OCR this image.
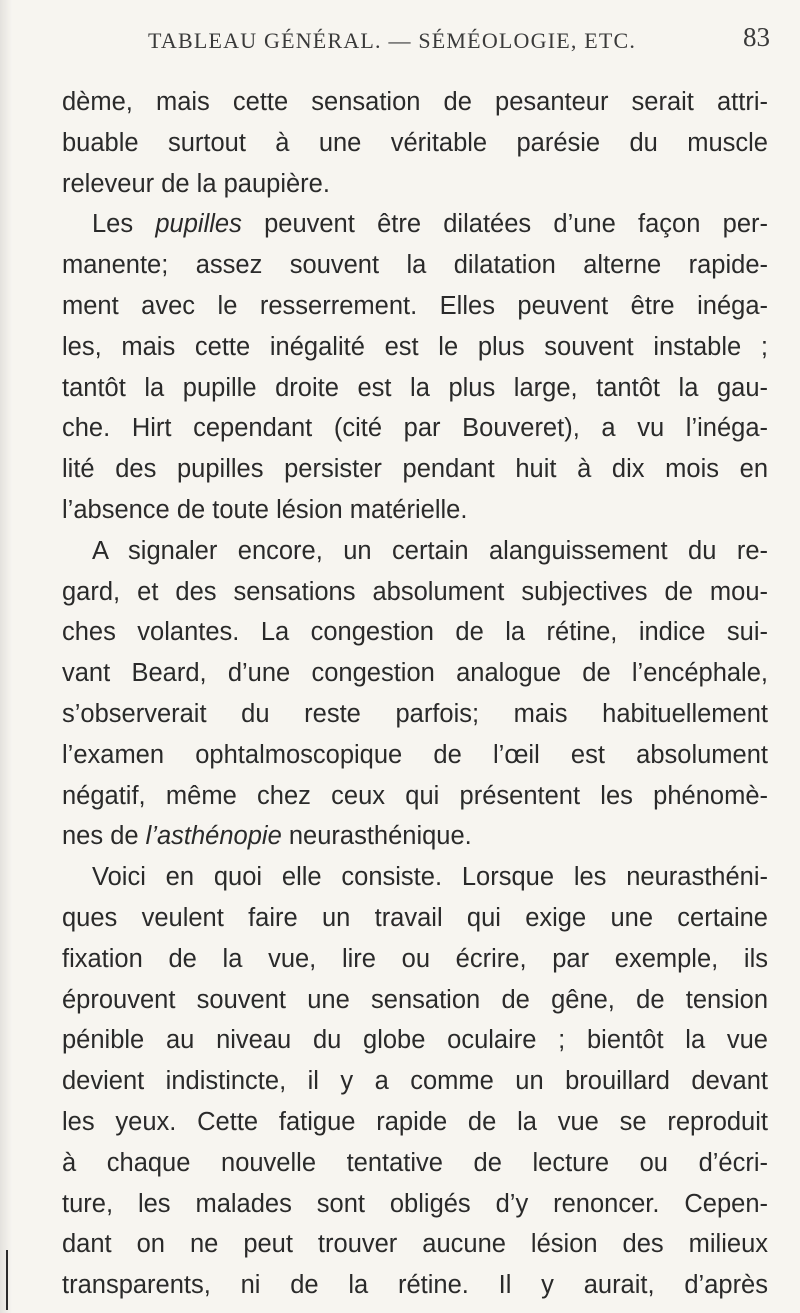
TABLEAU GÉNÉRAL. — SÉMÉOLOGIE, ETC.	83
dème, mais cette sensation de pesanteur serait attri-
buable surtout à une véritable parésie du muscle
releveur de la paupière.
Les pupilles peuvent être dilatées d’une façon per-
manente; assez souvent la dilatation alterne rapide-
ment avec le resserrement. Elles peuvent être inéga-
les, mais cette inégalité est le plus souvent instable ;
tantôt la pupille droite est la plus large, tantôt la gau-
che. Hirt cependant (cité par Bouveret), a vu l’inéga-
lité des pupilles persister pendant huit à dix mois en
l’absence de toute lésion matérielle.
A signaler encore, un certain alanguissement du re-
gard, et des sensations absolument subjectives de mou-
ches volantes. La congestion de la rétine, indice sui-
vant Beard, d’une congestion analogue de l’encéphale,
s’observerait du reste parfois; mais habituellement
l’examen ophtalmoscopique de l’œil est absolument
négatif, même chez ceux qui présentent les phénomè-
nes de l’asthénopie neurasthénique.
Voici en quoi elle consiste. Lorsque les neurasthéni-
ques veulent faire un travail qui exige une certaine
fixation de la vue, lire ou écrire, par exemple, ils
éprouvent souvent une sensation de gêne, de tension
pénible au niveau du globe oculaire ; bientôt la vue
devient indistincte, il y a comme un brouillard devant
les yeux. Cette fatigue rapide de la vue se reproduit
à chaque nouvelle tentative de lecture ou d’écri-
ture, les malades sont obligés d’y renoncer. Cepen-
dant on ne peut trouver aucune lésion des milieux
transparents, ni de la rétine. Il y aurait, d’après
